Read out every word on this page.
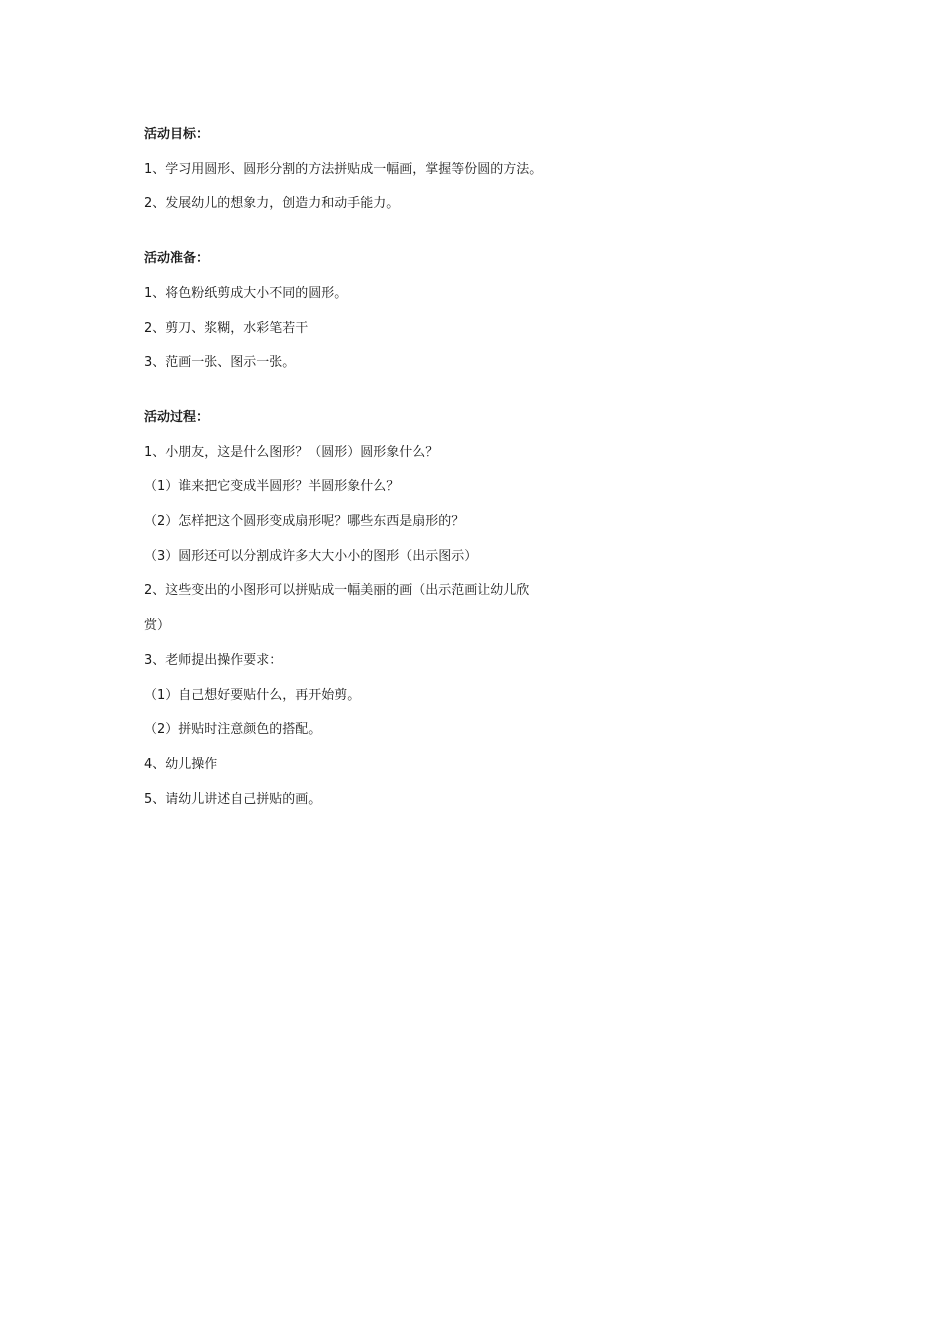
活动目标：
1、学习用圆形、圆形分割的方法拼贴成一幅画，掌握等份圆的方法。
2、发展幼儿的想象力，创造力和动手能力。
活动准备：
1、将色粉纸剪成大小不同的圆形。
2、剪刀、浆糊，水彩笔若干
3、范画一张、图示一张。
活动过程：
1、小朋友，这是什么图形？（圆形）圆形象什么？
（1）谁来把它变成半圆形？半圆形象什么？
（2）怎样把这个圆形变成扇形呢？哪些东西是扇形的？
（3）圆形还可以分割成许多大大小小的图形（出示图示）
2、这些变出的小图形可以拼贴成一幅美丽的画（出示范画让幼儿欣
赏）
3、老师提出操作要求：
（1）自己想好要贴什么，再开始剪。
（2）拼贴时注意颜色的搭配。
4、幼儿操作
5、请幼儿讲述自己拼贴的画。
